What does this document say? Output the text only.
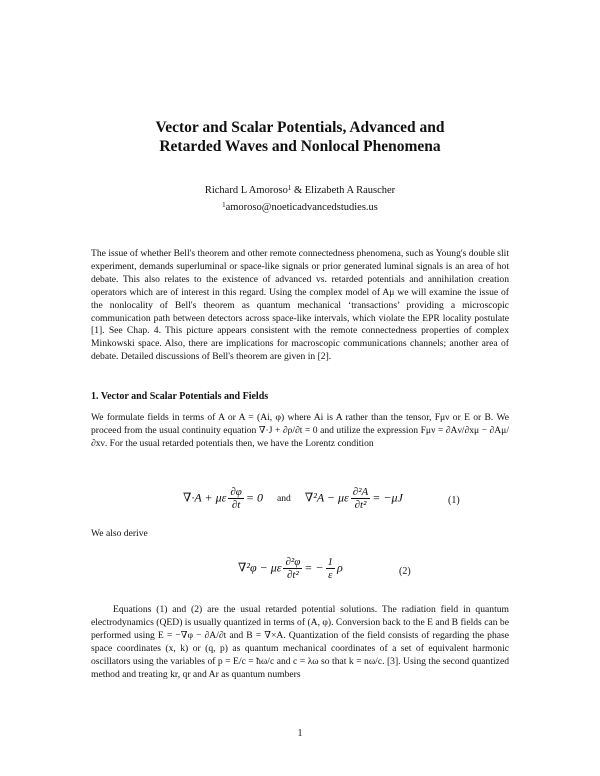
Vector and Scalar Potentials, Advanced and
Retarded Waves and Nonlocal Phenomena
Richard L Amoroso$^1$ & Elizabeth A Rauscher
$^1$amoroso@noeticadvancedstudies.us
The issue of whether Bell's theorem and other remote connectedness phenomena, such as Young's double slit experiment, demands superluminal or space-like signals or prior generated luminal signals is an area of hot debate. This also relates to the existence of advanced vs. retarded potentials and annihilation creation operators which are of interest in this regard. Using the complex model of Aμ we will examine the issue of the nonlocality of Bell's theorem as quantum mechanical ‘transactions’ providing a microscopic communication path between detectors across space-like intervals, which violate the EPR locality postulate [1]. See Chap. 4. This picture appears consistent with the remote connectedness properties of complex Minkowski space. Also, there are implications for macroscopic communications channels; another area of debate. Detailed discussions of Bell's theorem are given in [2].
1. Vector and Scalar Potentials and Fields
We formulate fields in terms of A or A = (Ai, φ) where Ai is A rather than the tensor, Fμν or E or B. We proceed from the usual continuity equation ∇·J + ∂ρ/∂t = 0 and utilize the expression Fμν = ∂Aν/∂xμ − ∂Aμ/∂xν. For the usual retarded potentials then, we have the Lorentz condition
∇·A + με $\frac{\partial\varphi}{\partial t} = 0$ and ∇²A − με $\frac{\text{∂²A}}{\text{∂t²}} = -\mu J$	(1)
We also derive
∇²φ − με $\frac{\text{∂²φ}}{\text{∂t²}}$ = − $\frac{1}{\varepsilon}$ ρ	(2)
Equations (1) and (2) are the usual retarded potential solutions. The radiation field in quantum electrodynamics (QED) is usually quantized in terms of (A, φ). Conversion back to the E and B fields can be performed using E = −∇φ − ∂A/∂t and B = ∇×A. Quantization of the field consists of regarding the phase space coordinates (x, k) or (q, p) as quantum mechanical coordinates of a set of equivalent harmonic oscillators using the variables of p = E/c = ħω/c and c = λω so that k = nω/c. [3]. Using the second quantized method and treating kr, qr and Ar as quantum numbers
1
